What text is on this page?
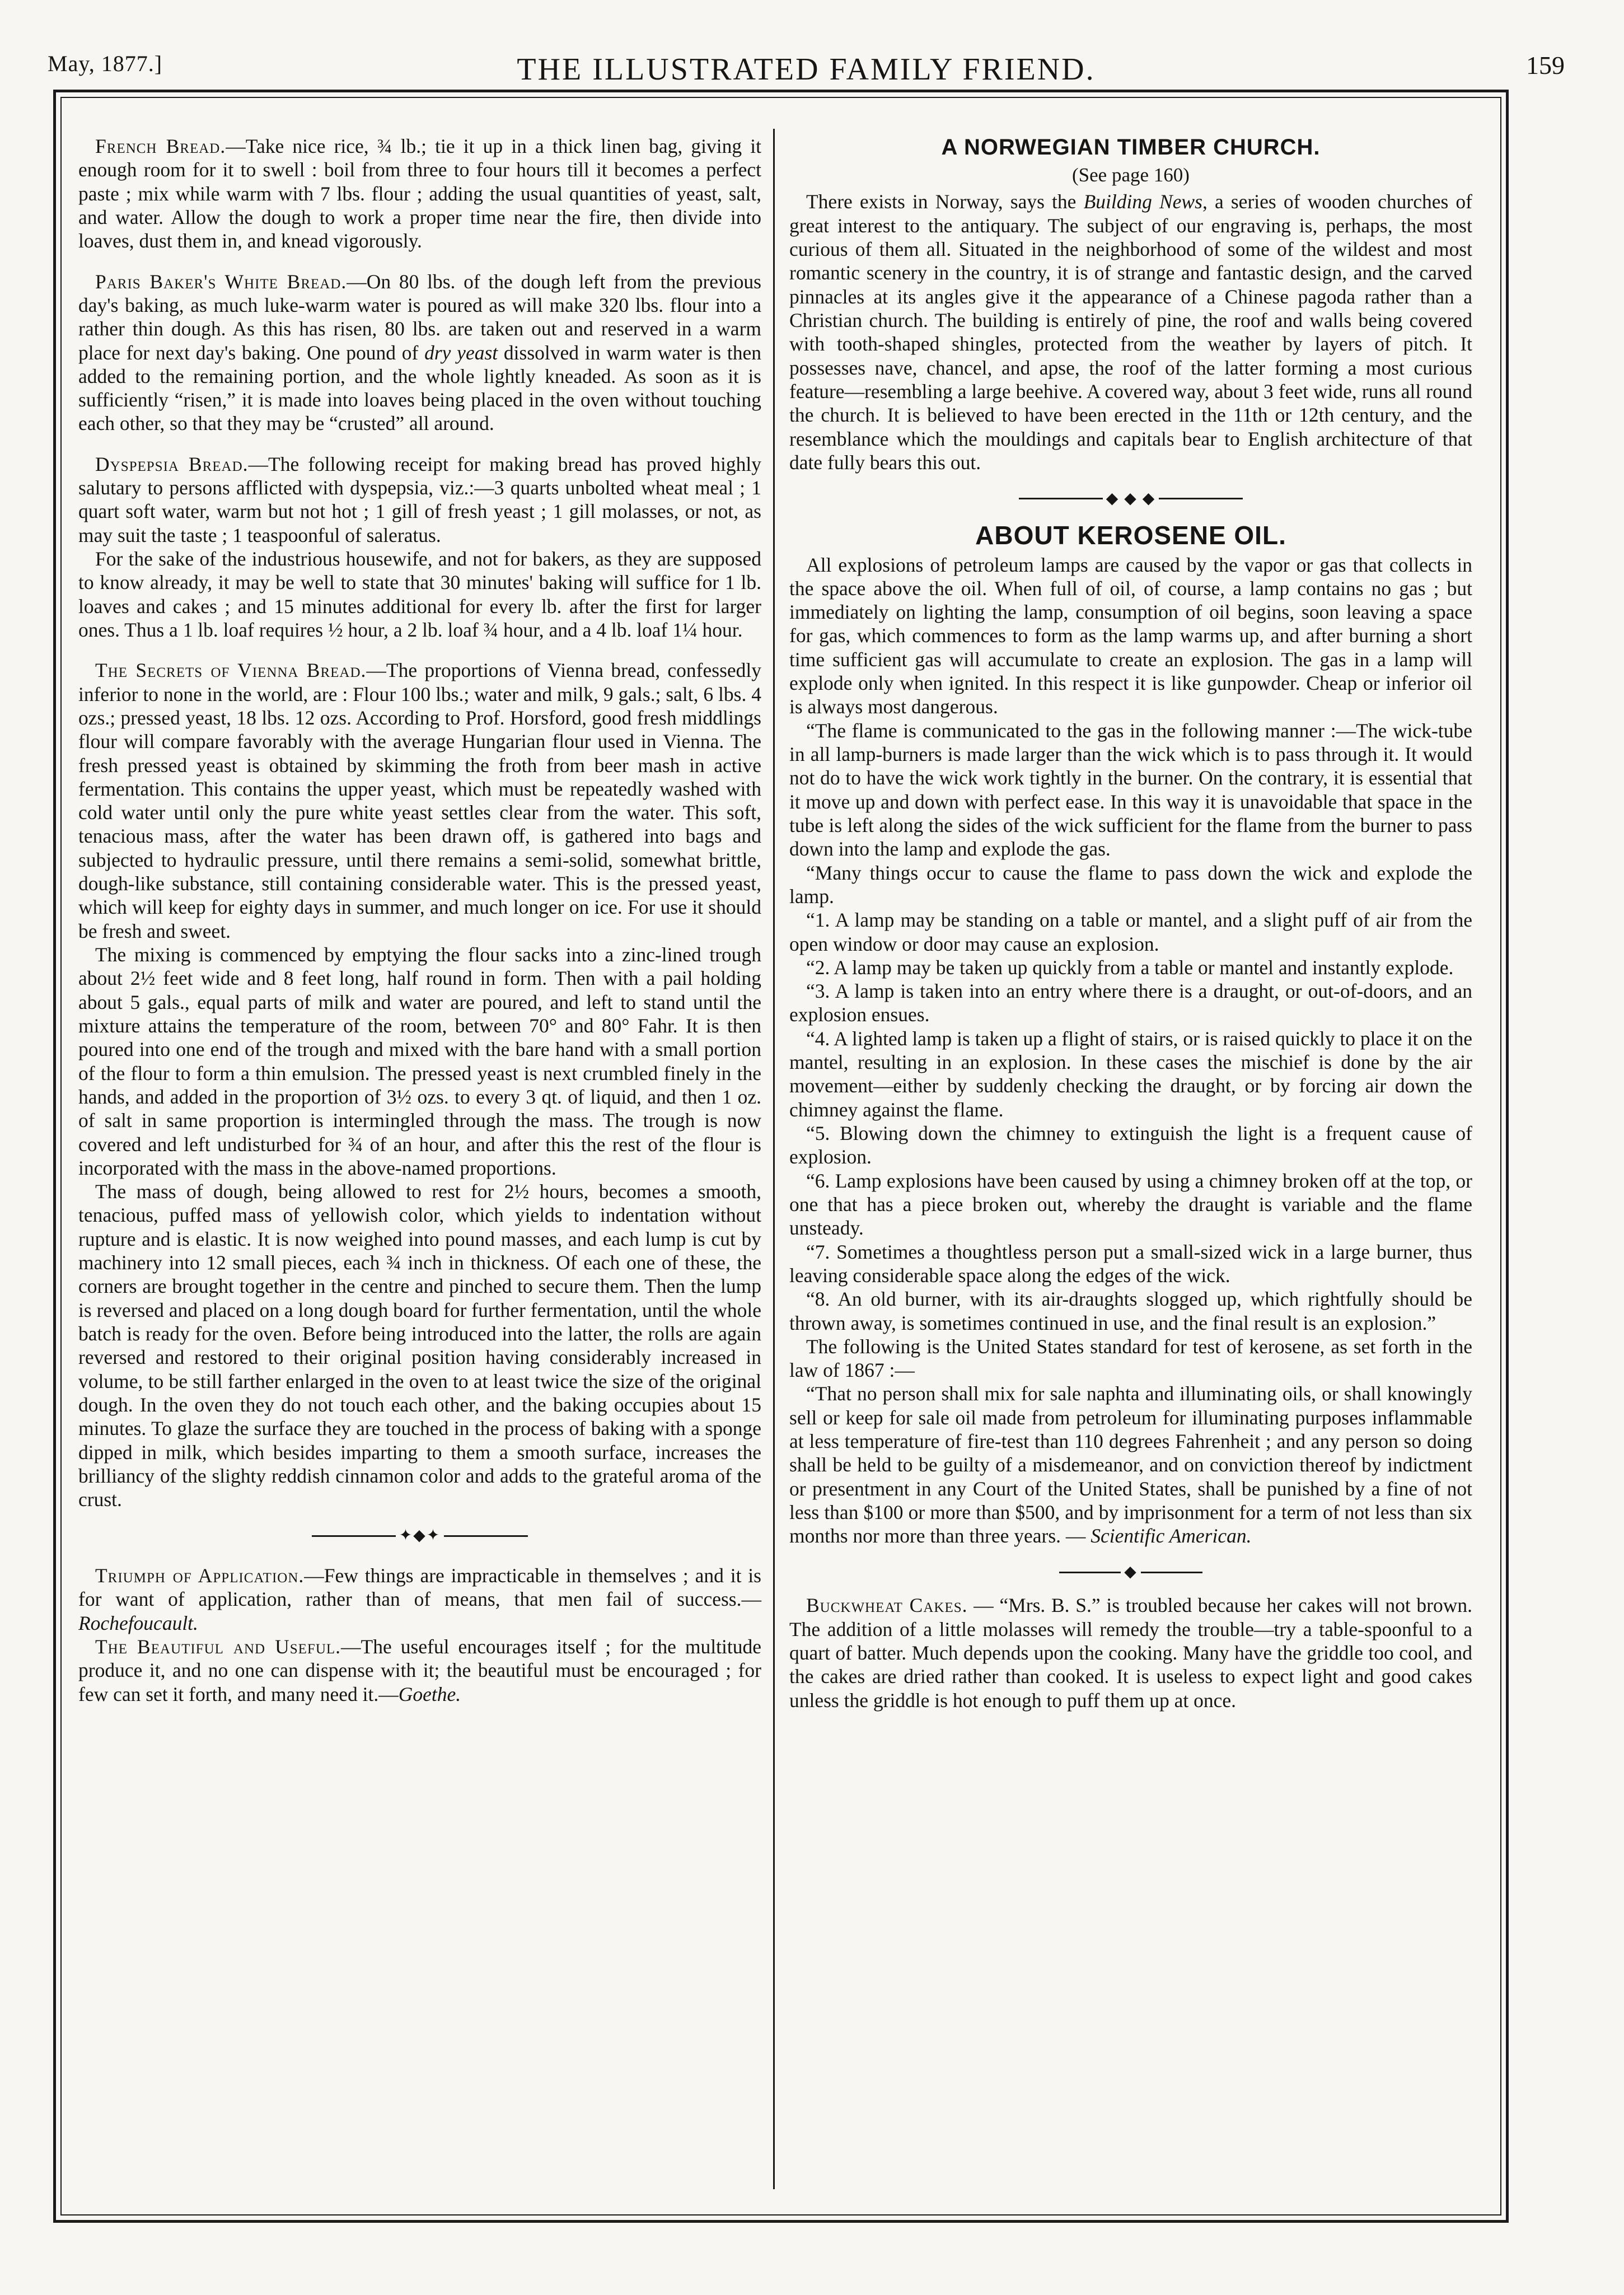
May, 1877.]	THE ILLUSTRATED FAMILY FRIEND.	159

French Bread.—Take nice rice, ¾ lb.; tie it up in a thick linen bag, giving it enough room for it to swell : boil from three to four hours till it becomes a perfect paste ; mix while warm with 7 lbs. flour ; adding the usual quantities of yeast, salt, and water. Allow the dough to work a proper time near the fire, then divide into loaves, dust them in, and knead vigorously.

Paris Baker's White Bread.—On 80 lbs. of the dough left from the previous day's baking, as much luke-warm water is poured as will make 320 lbs. flour into a rather thin dough. As this has risen, 80 lbs. are taken out and reserved in a warm place for next day's baking. One pound of dry yeast dissolved in warm water is then added to the remaining portion, and the whole lightly kneaded. As soon as it is sufficiently “risen,” it is made into loaves being placed in the oven without touching each other, so that they may be “crusted” all around.

Dyspepsia Bread.—The following receipt for making bread has proved highly salutary to persons afflicted with dyspepsia, viz.:—3 quarts unbolted wheat meal ; 1 quart soft water, warm but not hot ; 1 gill of fresh yeast ; 1 gill molasses, or not, as may suit the taste ; 1 teaspoonful of saleratus.

For the sake of the industrious housewife, and not for bakers, as they are supposed to know already, it may be well to state that 30 minutes' baking will suffice for 1 lb. loaves and cakes ; and 15 minutes additional for every lb. after the first for larger ones. Thus a 1 lb. loaf requires ½ hour, a 2 lb. loaf ¾ hour, and a 4 lb. loaf 1¼ hour.

The Secrets of Vienna Bread.—The proportions of Vienna bread, confessedly inferior to none in the world, are : Flour 100 lbs.; water and milk, 9 gals.; salt, 6 lbs. 4 ozs.; pressed yeast, 18 lbs. 12 ozs. According to Prof. Horsford, good fresh middlings flour will compare favorably with the average Hungarian flour used in Vienna. The fresh pressed yeast is obtained by skimming the froth from beer mash in active fermentation. This contains the upper yeast, which must be repeatedly washed with cold water until only the pure white yeast settles clear from the water. This soft, tenacious mass, after the water has been drawn off, is gathered into bags and subjected to hydraulic pressure, until there remains a semi-solid, somewhat brittle, dough-like substance, still containing considerable water. This is the pressed yeast, which will keep for eighty days in summer, and much longer on ice. For use it should be fresh and sweet.

The mixing is commenced by emptying the flour sacks into a zinc-lined trough about 2½ feet wide and 8 feet long, half round in form. Then with a pail holding about 5 gals., equal parts of milk and water are poured, and left to stand until the mixture attains the temperature of the room, between 70° and 80° Fahr. It is then poured into one end of the trough and mixed with the bare hand with a small portion of the flour to form a thin emulsion. The pressed yeast is next crumbled finely in the hands, and added in the proportion of 3½ ozs. to every 3 qt. of liquid, and then 1 oz. of salt in same proportion is intermingled through the mass. The trough is now covered and left undisturbed for ¾ of an hour, and after this the rest of the flour is incorporated with the mass in the above-named proportions.

The mass of dough, being allowed to rest for 2½ hours, becomes a smooth, tenacious, puffed mass of yellowish color, which yields to indentation without rupture and is elastic. It is now weighed into pound masses, and each lump is cut by machinery into 12 small pieces, each ¾ inch in thickness. Of each one of these, the corners are brought together in the centre and pinched to secure them. Then the lump is reversed and placed on a long dough board for further fermentation, until the whole batch is ready for the oven. Before being introduced into the latter, the rolls are again reversed and restored to their original position having considerably increased in volume, to be still farther enlarged in the oven to at least twice the size of the original dough. In the oven they do not touch each other, and the baking occupies about 15 minutes. To glaze the surface they are touched in the process of baking with a sponge dipped in milk, which besides imparting to them a smooth surface, increases the brilliancy of the slighty reddish cinnamon color and adds to the grateful aroma of the crust.

✦◆✦

Triumph of Application.—Few things are impracticable in themselves ; and it is for want of application, rather than of means, that men fail of success.—Rochefoucault.

The Beautiful and Useful.—The useful encourages itself ; for the multitude produce it, and no one can dispense with it; the beautiful must be encouraged ; for few can set it forth, and many need it.—Goethe.

A NORWEGIAN TIMBER CHURCH.
(See page 160)

There exists in Norway, says the Building News, a series of wooden churches of great interest to the antiquary. The subject of our engraving is, perhaps, the most curious of them all. Situated in the neighborhood of some of the wildest and most romantic scenery in the country, it is of strange and fantastic design, and the carved pinnacles at its angles give it the appearance of a Chinese pagoda rather than a Christian church. The building is entirely of pine, the roof and walls being covered with tooth-shaped shingles, protected from the weather by layers of pitch. It possesses nave, chancel, and apse, the roof of the latter forming a most curious feature—resembling a large beehive. A covered way, about 3 feet wide, runs all round the church. It is believed to have been erected in the 11th or 12th century, and the resemblance which the mouldings and capitals bear to English architecture of that date fully bears this out.

◆ ◆ ◆
ABOUT KEROSENE OIL.

All explosions of petroleum lamps are caused by the vapor or gas that collects in the space above the oil. When full of oil, of course, a lamp contains no gas ; but immediately on lighting the lamp, consumption of oil begins, soon leaving a space for gas, which commences to form as the lamp warms up, and after burning a short time sufficient gas will accumulate to create an explosion. The gas in a lamp will explode only when ignited. In this respect it is like gunpowder. Cheap or inferior oil is always most dangerous.

“The flame is communicated to the gas in the following manner :—The wick-tube in all lamp-burners is made larger than the wick which is to pass through it. It would not do to have the wick work tightly in the burner. On the contrary, it is essential that it move up and down with perfect ease. In this way it is unavoidable that space in the tube is left along the sides of the wick sufficient for the flame from the burner to pass down into the lamp and explode the gas.

“Many things occur to cause the flame to pass down the wick and explode the lamp.

“1. A lamp may be standing on a table or mantel, and a slight puff of air from the open window or door may cause an explosion.

“2. A lamp may be taken up quickly from a table or mantel and instantly explode.

“3. A lamp is taken into an entry where there is a draught, or out-of-doors, and an explosion ensues.

“4. A lighted lamp is taken up a flight of stairs, or is raised quickly to place it on the mantel, resulting in an explosion. In these cases the mischief is done by the air movement—either by suddenly checking the draught, or by forcing air down the chimney against the flame.

“5. Blowing down the chimney to extinguish the light is a frequent cause of explosion.

“6. Lamp explosions have been caused by using a chimney broken off at the top, or one that has a piece broken out, whereby the draught is variable and the flame unsteady.

“7. Sometimes a thoughtless person put a small-sized wick in a large burner, thus leaving considerable space along the edges of the wick.

“8. An old burner, with its air-draughts slogged up, which rightfully should be thrown away, is sometimes continued in use, and the final result is an explosion.”

The following is the United States standard for test of kerosene, as set forth in the law of 1867 :—

“That no person shall mix for sale naphta and illuminating oils, or shall knowingly sell or keep for sale oil made from petroleum for illuminating purposes inflammable at less temperature of fire-test than 110 degrees Fahrenheit ; and any person so doing shall be held to be guilty of a misdemeanor, and on conviction thereof by indictment or presentment in any Court of the United States, shall be punished by a fine of not less than $100 or more than $500, and by imprisonment for a term of not less than six months nor more than three years. — Scientific American.

◆

Buckwheat Cakes. — “Mrs. B. S.” is troubled because her cakes will not brown. The addition of a little molasses will remedy the trouble—try a table-spoonful to a quart of batter. Much depends upon the cooking. Many have the griddle too cool, and the cakes are dried rather than cooked. It is useless to expect light and good cakes unless the griddle is hot enough to puff them up at once.
